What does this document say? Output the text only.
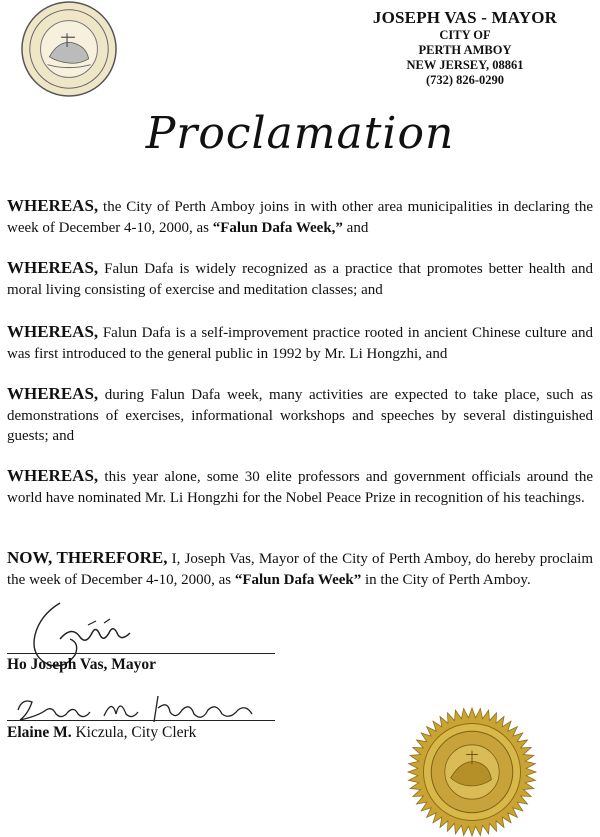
JOSEPH VAS - MAYOR
CITY OF
PERTH AMBOY
NEW JERSEY, 08861
(732) 826-0290
Proclamation
WHEREAS, the City of Perth Amboy joins in with other area municipalities in declaring the week of December 4-10, 2000, as “Falun Dafa Week,” and
WHEREAS, Falun Dafa is widely recognized as a practice that promotes better health and moral living consisting of exercise and meditation classes; and
WHEREAS, Falun Dafa is a self-improvement practice rooted in ancient Chinese culture and was first introduced to the general public in 1992 by Mr. Li Hongzhi, and
WHEREAS, during Falun Dafa week, many activities are expected to take place, such as demonstrations of exercises, informational workshops and speeches by several distinguished guests; and
WHEREAS, this year alone, some 30 elite professors and government officials around the world have nominated Mr. Li Hongzhi for the Nobel Peace Prize in recognition of his teachings.
NOW, THEREFORE, I, Joseph Vas, Mayor of the City of Perth Amboy, do hereby proclaim the week of December 4-10, 2000, as “Falun Dafa Week” in the City of Perth Amboy.
Ho Joseph Vas, Mayor
Elaine M. Kiczula, City Clerk
